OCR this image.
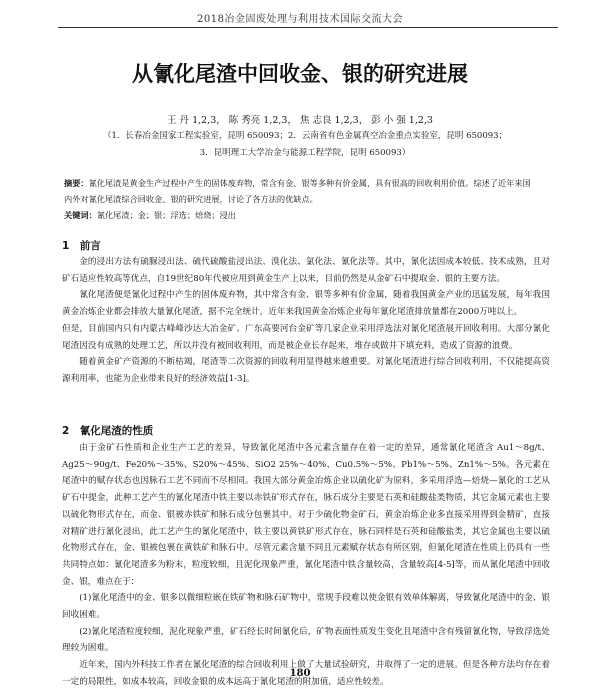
2018冶金固废处理与利用技术国际交流大会
从氰化尾渣中回收金、银的研究进展
王 丹 1,2,3， 陈 秀亮 1,2,3， 焦 志良 1,2,3， 彭 小 强 1,2,3
（1．长春冶金国家工程实验室，昆明 650093；2．云南省有色金属真空冶金重点实验室，昆明 650093；
3．昆明理工大学冶金与能源工程学院，昆明 650093）
摘要：氰化尾渣是黄金生产过程中产生的固体废弃物，常含有金、银等多种有价金属，具有很高的回收利用价值。综述了近年来国内外对氰化尾渣综合回收金、银的研究进展，讨论了各方法的优缺点。
关键词：氰化尾渣；金；银；浮选；焙烧；浸出
1　前言

金的浸出方法有硫脲浸出法、硫代硫酸盐浸出法、溴化法、氯化法、氰化法等。其中，氰化法因成本较低、技术成熟，且对矿石适应性较高等优点，自19世纪80年代被应用到黄金生产上以来，目前仍然是从金矿石中提取金、银的主要方法。

氰化尾渣便是氰化过程中产生的固体废弃物，其中常含有金、银等多种有价金属，随着我国黄金产业的迅猛发展，每年我国黄金冶炼企业都会排放大量氰化尾渣，据不完全统计，近年来我国黄金冶炼企业每年氰化尾渣排放量都在2000万吨以上。

但是，目前国内只有内蒙古峰峰沙达大冶金矿、广东高要河台金矿等几家企业采用浮选法对氰化尾渣展开回收利用。大部分氰化尾渣因没有成熟的处理工艺，所以并没有被回收利用，而是被企业长存起来，堆存或做井下填充料，造成了资源的浪费。

随着黄金矿产资源的不断枯竭，尾渣等二次资源的回收利用显得越来越重要。对氰化尾渣进行综合回收利用，不仅能提高资源利用率，也能为企业带来良好的经济效益[1-3]。

2　氰化尾渣的性质

由于金矿石性质和企业生产工艺的差异，导致氰化尾渣中各元素含量存在着一定的差异，通常氰化尾渣含 Au1～8g/t、Ag25～90g/t、Fe20%～35%、S20%～45%、SiO2 25%～40%、Cu0.5%～5%、Pb1%～5%、Zn1%～5%。各元素在尾渣中的赋存状态也因脉石工艺不同而不尽相同。我国大部分黄金冶炼企业以硫化矿为原料，多采用浮选—焙烧—氰化的工艺从矿石中提金，此种工艺产生的氰化尾渣中铁主要以赤铁矿形式存在，脉石成分主要是石英和硅酸盐类物质，其它金属元素也主要以硫化物形式存在，而金、银被赤铁矿和脉石成分包裹其中。对于少硫化物金矿石，黄金冶炼企业多直接采用得到金精矿，直接对精矿进行氰化浸出，此工艺产生的氰化尾渣中，铁主要以黄铁矿形式存在，脉石同样是石英和硅酸盐类，其它金属也主要以硫化物形式存在，金、银被包裹在黄铁矿和脉石中。尽管元素含量不同且元素赋存状态有所区别，但氰化尾渣在性质上仍具有一些共同特点如：氰化尾渣多为粉末，粒度较细，且泥化现象严重，氰化尾渣中铁含量较高，含量较高[4-5]等，而从氰化尾渣中回收金、银，难点在于：

(1)氰化尾渣中的金、银多以微细粒嵌在铁矿物和脉石矿物中，常规手段难以使金银有效单体解离，导致氰化尾渣中的金、银回收困难。

(2)氰化尾渣粒度较细，泥化现象严重，矿石经长时间氰化后，矿物表面性质发生变化且尾渣中含有残留氰化物，导致浮选处理较为困难。

近年来，国内外科技工作者在氰化尾渣的综合回收利用上做了大量试验研究，并取得了一定的进展。但是各种方法均存在着一定的局限性，如成本较高，回收金银的成本远高于氰化尾渣的附加值，适应性较差。

180
